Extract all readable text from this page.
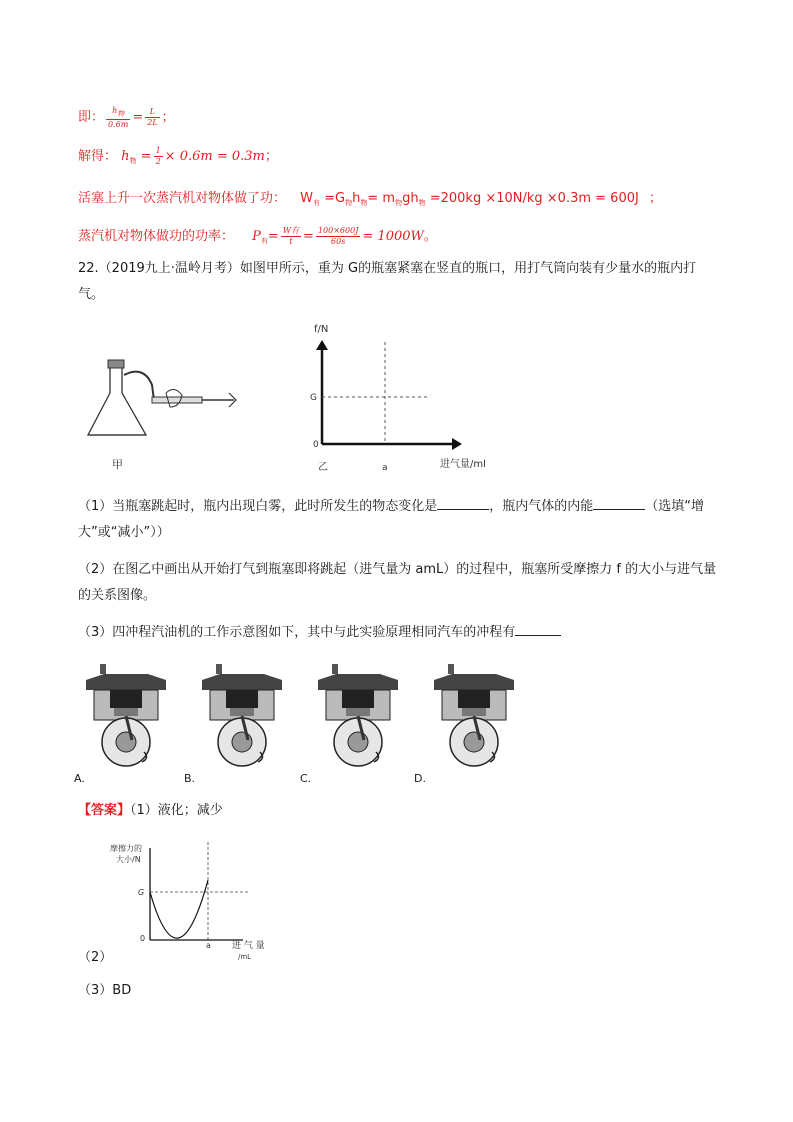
即： $\frac{\text{h物}}{0.6m} = \frac{L}{2L}$ ；
解得： $h_物 = \frac{1}{2} \times 0.6m = 0.3m$；
活塞上升一次蒸汽机对物体做了功： $W_有 =G_物h_物= m_物gh_物 =200kg \times 10N/kg \times 0.3m = 600J$ ；
蒸汽机对物体做功的功率： $P_有= \frac{\text{W有}}{t} = \frac{100\times 600J}{60s} = 1000W$。
22.（2019九上·温岭月考）如图甲所示，重为 G的瓶塞紧塞在竖直的瓶口，用打气筒向装有少量水的瓶内打气。
甲
f/N
G
0
进气量/ml
乙	a
（1）当瓶塞跳起时，瓶内出现白雾，此时所发生的物态变化是	，瓶内气体的内能	（选填“增大”或“减小”））
（2）在图乙中画出从开始打气到瓶塞即将跳起（进气量为 amL）的过程中，瓶塞所受摩擦力 f 的大小与进气量的关系图像。
（3）四冲程汽油机的工作示意图如下，其中与此实验原理相同汽车的冲程有
A.	B.	C.	D.
【答案】（1）液化；减少
摩擦力的
大小/N
G
0
a 进 气 量
/mL
（2）
（3）BD
